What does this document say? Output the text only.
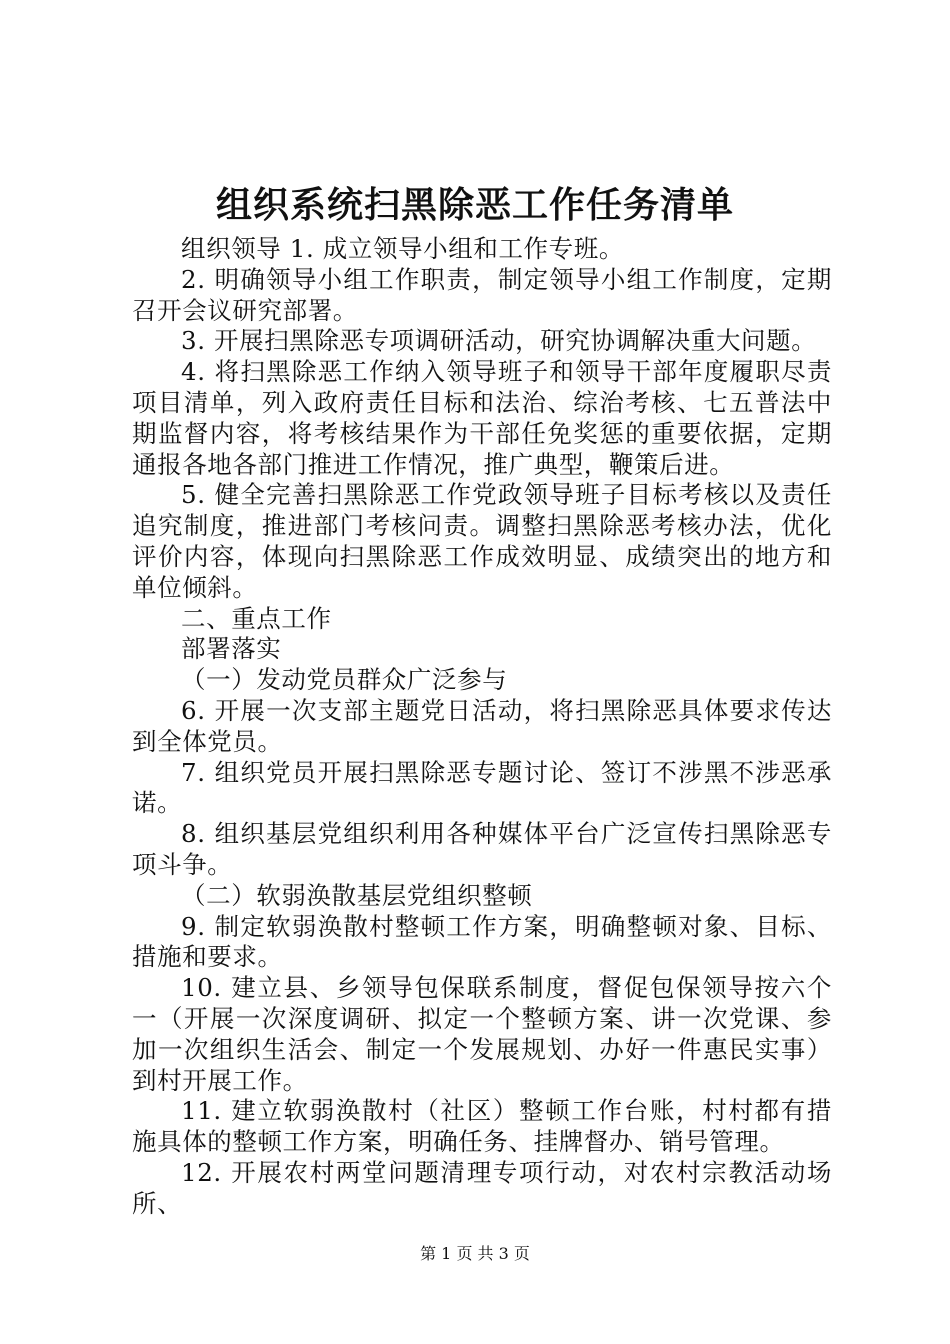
组织系统扫黑除恶工作任务清单

组织领导 1. 成立领导小组和工作专班。

2. 明确领导小组工作职责，制定领导小组工作制度，定期召开会议研究部署。

3. 开展扫黑除恶专项调研活动，研究协调解决重大问题。

4. 将扫黑除恶工作纳入领导班子和领导干部年度履职尽责项目清单，列入政府责任目标和法治、综治考核、七五普法中期监督内容，将考核结果作为干部任免奖惩的重要依据，定期通报各地各部门推进工作情况，推广典型，鞭策后进。

5. 健全完善扫黑除恶工作党政领导班子目标考核以及责任追究制度，推进部门考核问责。调整扫黑除恶考核办法，优化评价内容，体现向扫黑除恶工作成效明显、成绩突出的地方和单位倾斜。

二、重点工作

部署落实

（一）发动党员群众广泛参与

6. 开展一次支部主题党日活动，将扫黑除恶具体要求传达到全体党员。

7. 组织党员开展扫黑除恶专题讨论、签订不涉黑不涉恶承诺。

8. 组织基层党组织利用各种媒体平台广泛宣传扫黑除恶专项斗争。

（二）软弱涣散基层党组织整顿

9. 制定软弱涣散村整顿工作方案，明确整顿对象、目标、措施和要求。

10. 建立县、乡领导包保联系制度，督促包保领导按六个一（开展一次深度调研、拟定一个整顿方案、讲一次党课、参加一次组织生活会、制定一个发展规划、办好一件惠民实事）到村开展工作。

11. 建立软弱涣散村（社区）整顿工作台账，村村都有措施具体的整顿工作方案，明确任务、挂牌督办、销号管理。

12. 开展农村两堂问题清理专项行动，对农村宗教活动场所、

第 1 页 共 3 页
